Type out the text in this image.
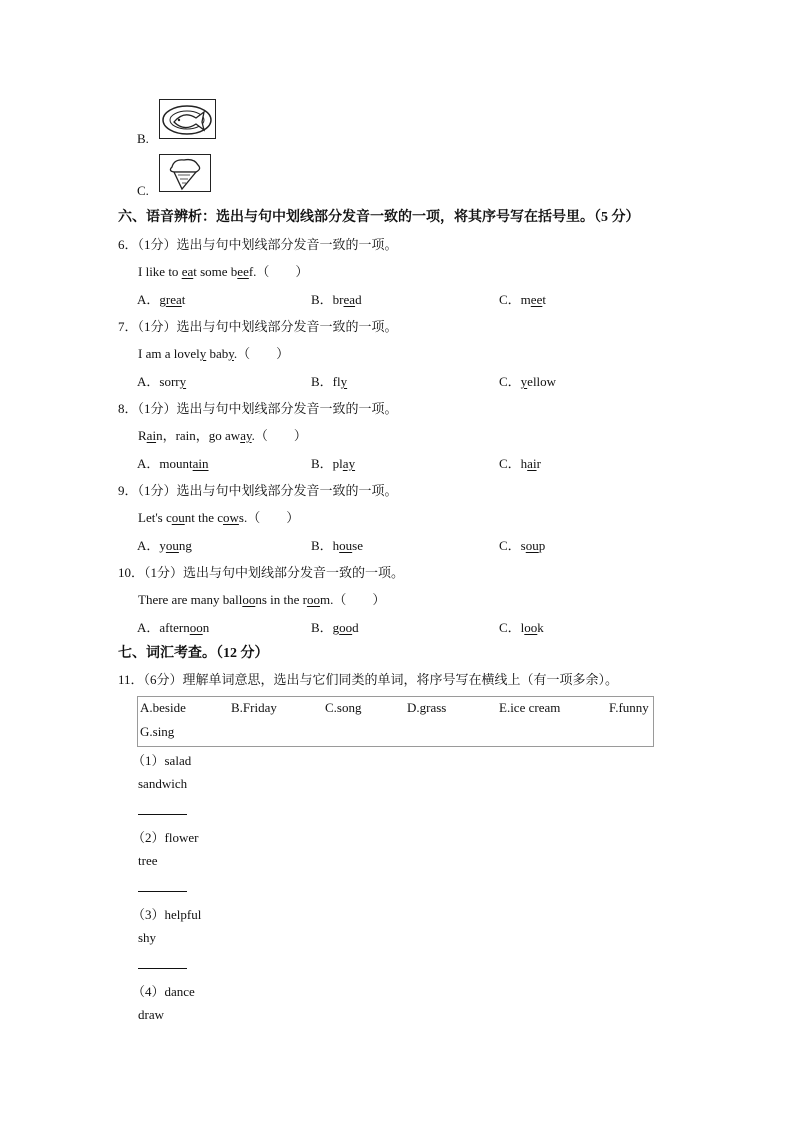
B.
C.
六、语音辨析：选出与句中划线部分发音一致的一项，将其序号写在括号里。（5 分）
6．（1分）选出与句中划线部分发音一致的一项。
I like to eat some beef.（　　）
A．great	B．bread	C．meet
7．（1分）选出与句中划线部分发音一致的一项。
I am a lovely baby.（　　）
A．sorry	B．fly	C．yellow
8．（1分）选出与句中划线部分发音一致的一项。
Rain，rain，go away.（　　）
A．mountain	B．play	C．hair
9．（1分）选出与句中划线部分发音一致的一项。
Let's count the cows.（　　）
A．young	B．house	C．soup
10．（1分）选出与句中划线部分发音一致的一项。
There are many balloons in the room.（　　）
A．afternoon	B．good	C．look
七、词汇考查。（12 分）
11．（6分）理解单词意思，选出与它们同类的单词，将序号写在横线上（有一项多余）。
A.beside	B.Friday	C.song	D.grass	E.ice cream	F.funny
G.sing
（1）salad
sandwich
（2）flower
tree
（3）helpful
shy
（4）dance
draw
